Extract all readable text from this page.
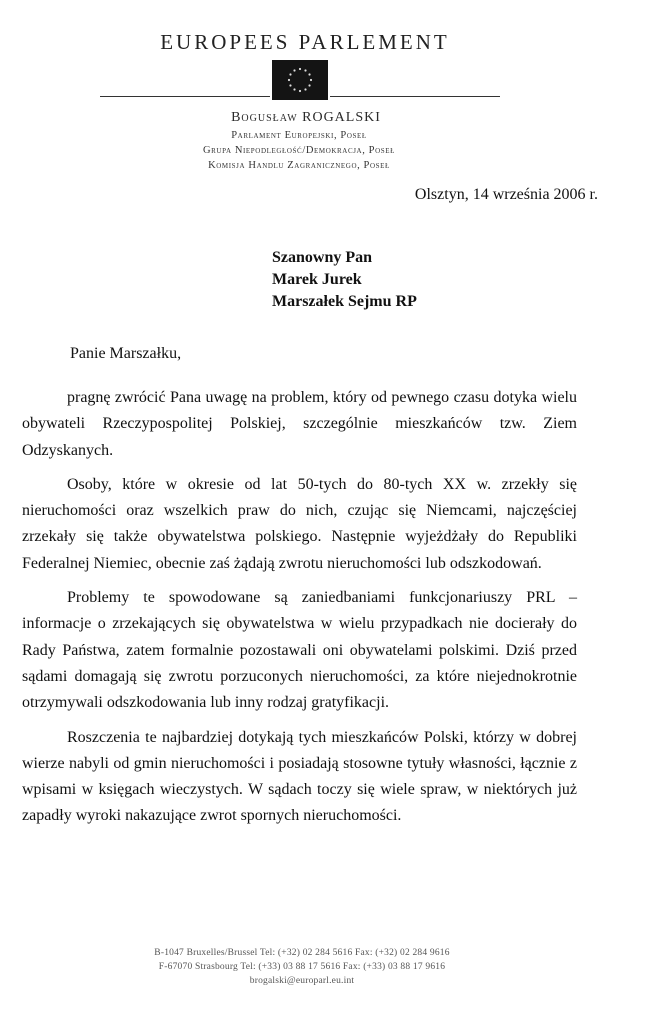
EUROPEES PARLEMENT
Bogusław ROGALSKI
Parlament Europejski, Poseł
Grupa Niepodległość/Demokracja, Poseł
Komisja Handlu Zagranicznego, Poseł
Olsztyn, 14 września 2006 r.
Szanowny Pan
Marek Jurek
Marszałek Sejmu RP
Panie Marszałku,

pragnę zwrócić Pana uwagę na problem, który od pewnego czasu dotyka wielu obywateli Rzeczypospolitej Polskiej, szczególnie mieszkańców tzw. Ziem Odzyskanych.

Osoby, które w okresie od lat 50-tych do 80-tych XX w. zrzekły się nieruchomości oraz wszelkich praw do nich, czując się Niemcami, najczęściej zrzekały się także obywatelstwa polskiego. Następnie wyjeżdżały do Republiki Federalnej Niemiec, obecnie zaś żądają zwrotu nieruchomości lub odszkodowań.

Problemy te spowodowane są zaniedbaniami funkcjonariuszy PRL – informacje o zrzekających się obywatelstwa w wielu przypadkach nie docierały do Rady Państwa, zatem formalnie pozostawali oni obywatelami polskimi. Dziś przed sądami domagają się zwrotu porzuconych nieruchomości, za które niejednokrotnie otrzymywali odszkodowania lub inny rodzaj gratyfikacji.

Roszczenia te najbardziej dotykają tych mieszkańców Polski, którzy w dobrej wierze nabyli od gmin nieruchomości i posiadają stosowne tytuły własności, łącznie z wpisami w księgach wieczystych. W sądach toczy się wiele spraw, w niektórych już zapadły wyroki nakazujące zwrot spornych nieruchomości.

B-1047 Bruxelles/Brussel Tel: (+32) 02 284 5616 Fax: (+32) 02 284 9616
F-67070 Strasbourg Tel: (+33) 03 88 17 5616 Fax: (+33) 03 88 17 9616
brogalski@europarl.eu.int
